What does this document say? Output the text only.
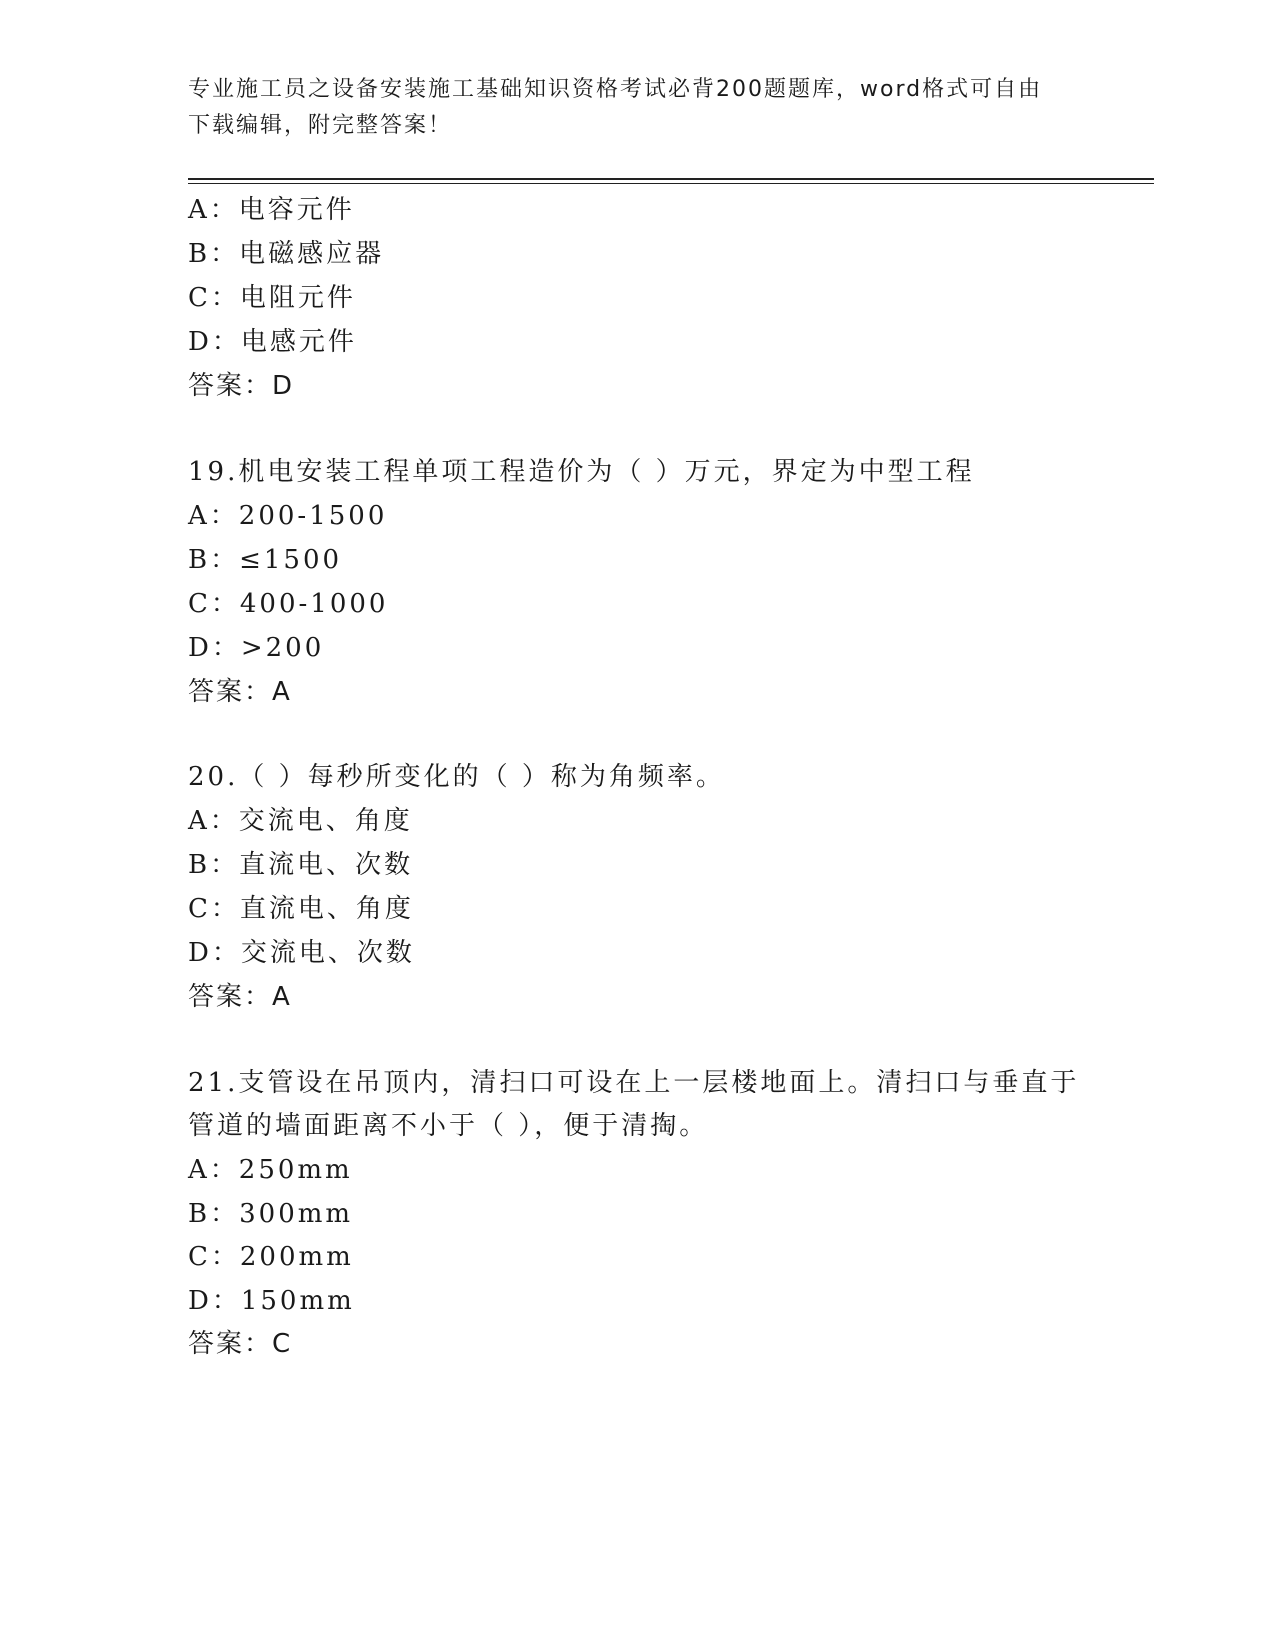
专业施工员之设备安装施工基础知识资格考试必背200题题库，word格式可自由
下载编辑，附完整答案！
A：电容元件
B：电磁感应器
C：电阻元件
D：电感元件
答案：D
19.机电安装工程单项工程造价为（ ）万元，界定为中型工程
A：200-1500
B：≤1500
C：400-1000
D：>200
答案：A
20.（ ）每秒所变化的（ ）称为角频率。
A：交流电、角度
B：直流电、次数
C：直流电、角度
D：交流电、次数
答案：A
21.支管设在吊顶内，清扫口可设在上一层楼地面上。清扫口与垂直于
管道的墙面距离不小于（ ），便于清掏。
A：250mm
B：300mm
C：200mm
D：150mm
答案：C
